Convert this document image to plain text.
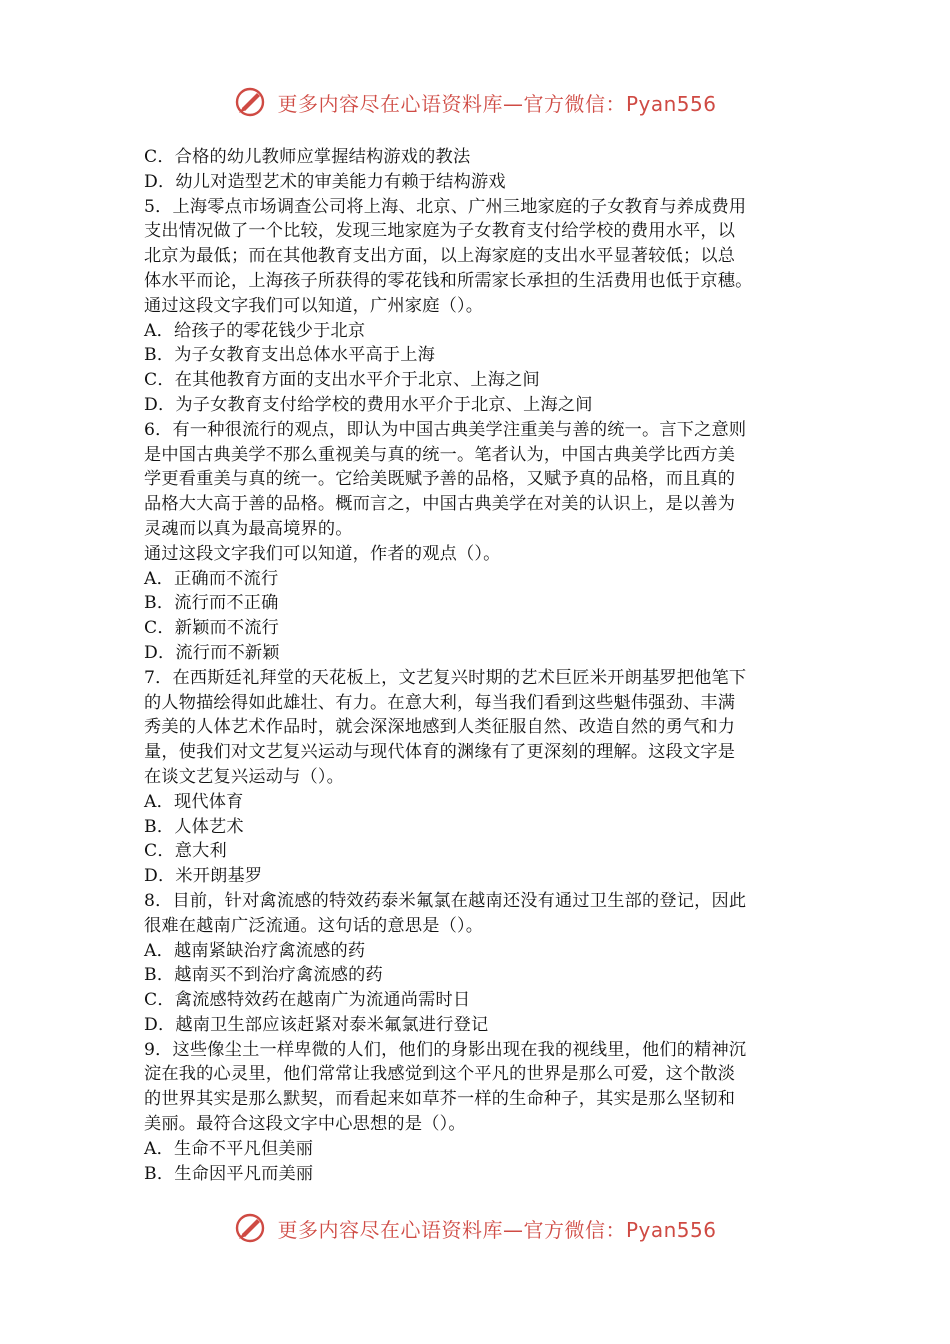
更多内容尽在心语资料库—官方微信：Pyan556
C．合格的幼儿教师应掌握结构游戏的教法
D．幼儿对造型艺术的审美能力有赖于结构游戏
5．上海零点市场调查公司将上海、北京、广州三地家庭的子女教育与养成费用
支出情况做了一个比较，发现三地家庭为子女教育支付给学校的费用水平，以
北京为最低；而在其他教育支出方面，以上海家庭的支出水平显著较低；以总
体水平而论，上海孩子所获得的零花钱和所需家长承担的生活费用也低于京穗。
通过这段文字我们可以知道，广州家庭（）。
A．给孩子的零花钱少于北京
B．为子女教育支出总体水平高于上海
C．在其他教育方面的支出水平介于北京、上海之间
D．为子女教育支付给学校的费用水平介于北京、上海之间
6．有一种很流行的观点，即认为中国古典美学注重美与善的统一。言下之意则
是中国古典美学不那么重视美与真的统一。笔者认为，中国古典美学比西方美
学更看重美与真的统一。它给美既赋予善的品格，又赋予真的品格，而且真的
品格大大高于善的品格。概而言之，中国古典美学在对美的认识上，是以善为
灵魂而以真为最高境界的。
通过这段文字我们可以知道，作者的观点（）。
A．正确而不流行
B．流行而不正确
C．新颖而不流行
D．流行而不新颖
7．在西斯廷礼拜堂的天花板上，文艺复兴时期的艺术巨匠米开朗基罗把他笔下
的人物描绘得如此雄壮、有力。在意大利，每当我们看到这些魁伟强劲、丰满
秀美的人体艺术作品时，就会深深地感到人类征服自然、改造自然的勇气和力
量，使我们对文艺复兴运动与现代体育的渊缘有了更深刻的理解。这段文字是
在谈文艺复兴运动与（）。
A．现代体育
B．人体艺术
C．意大利
D．米开朗基罗
8．目前，针对禽流感的特效药泰米氟氯在越南还没有通过卫生部的登记，因此
很难在越南广泛流通。这句话的意思是（）。
A．越南紧缺治疗禽流感的药
B．越南买不到治疗禽流感的药
C．禽流感特效药在越南广为流通尚需时日
D．越南卫生部应该赶紧对泰米氟氯进行登记
9．这些像尘土一样卑微的人们，他们的身影出现在我的视线里，他们的精神沉
淀在我的心灵里，他们常常让我感觉到这个平凡的世界是那么可爱，这个散淡
的世界其实是那么默契，而看起来如草芥一样的生命种子，其实是那么坚韧和
美丽。最符合这段文字中心思想的是（）。
A．生命不平凡但美丽
B．生命因平凡而美丽
更多内容尽在心语资料库—官方微信：Pyan556
